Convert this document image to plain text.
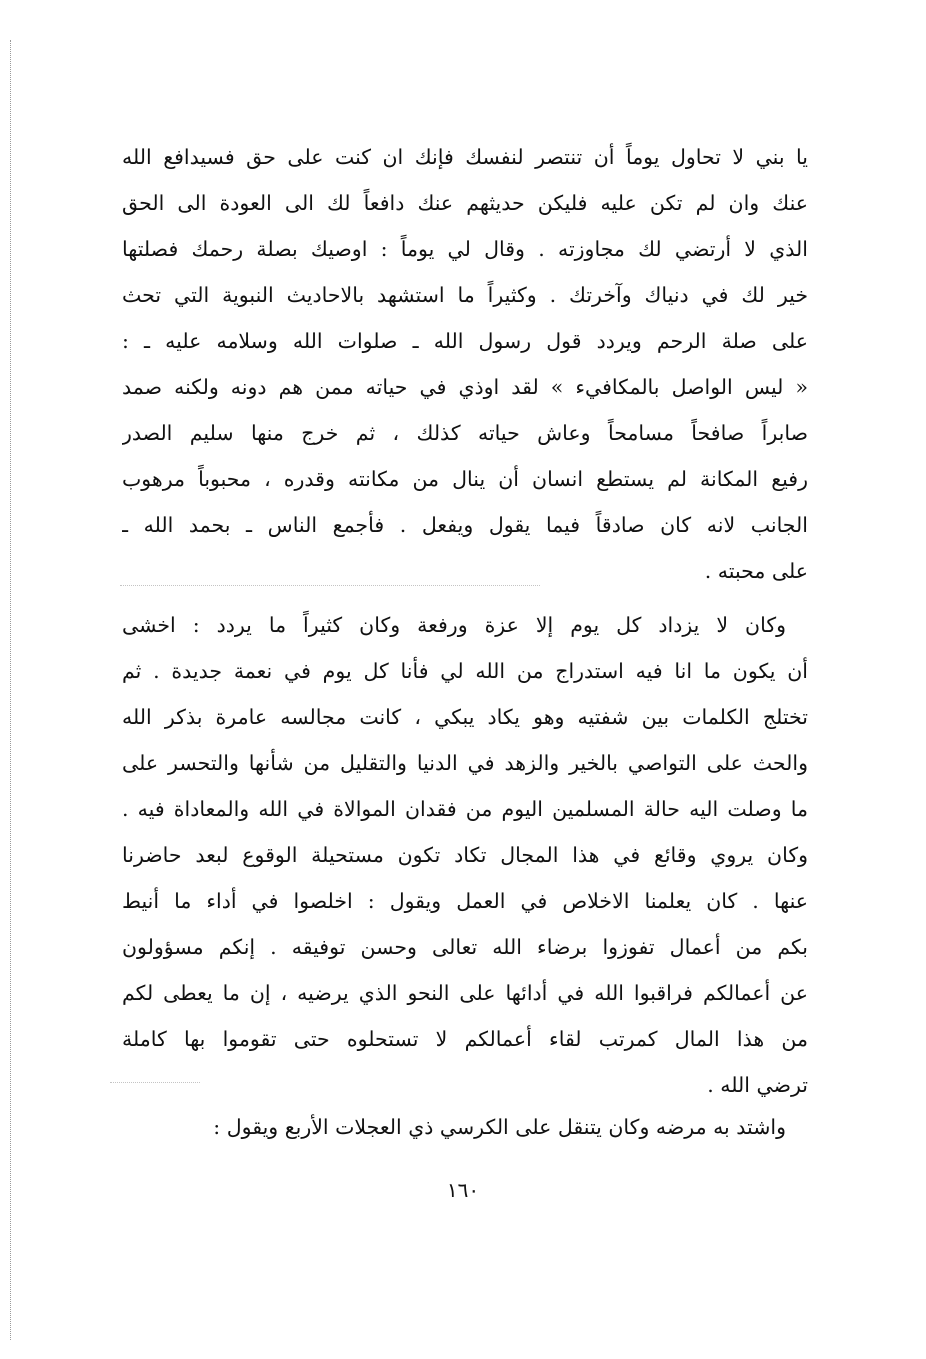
يا بني لا تحاول يوماً أن تنتصر لنفسك فإنك ان كنت على حق فسيدافع الله
عنك وان لم تكن عليه فليكن حديثهم عنك دافعاً لك الى العودة الى الحق
الذي لا أرتضي لك مجاوزته . وقال لي يوماً : اوصيك بصلة رحمك فصلتها
خير لك في دنياك وآخرتك . وكثيراً ما استشهد بالاحاديث النبوية التي تحث
على صلة الرحم ويردد قول رسول الله ـ صلوات الله وسلامه عليه ـ :
« ليس الواصل بالمكافيء » لقد اوذي في حياته ممن هم دونه ولكنه صمد
صابراً صافحاً مسامحاً وعاش حياته كذلك ، ثم خرج منها سليم الصدر
رفيع المكانة لم يستطع انسان أن ينال من مكانته وقدره ، محبوباً مرهوب
الجانب لانه كان صادقاً فيما يقول ويفعل . فأجمع الناس ـ بحمد الله ـ
على محبته .
وكان لا يزداد كل يوم إلا عزة ورفعة وكان كثيراً ما يردد : اخشى
أن يكون ما انا فيه استدراج من الله لي فأنا كل يوم في نعمة جديدة . ثم
تختلج الكلمات بين شفتيه وهو يكاد يبكي ، كانت مجالسه عامرة بذكر الله
والحث على التواصي بالخير والزهد في الدنيا والتقليل من شأنها والتحسر على
ما وصلت اليه حالة المسلمين اليوم من فقدان الموالاة في الله والمعاداة فيه .
وكان يروي وقائع في هذا المجال تكاد تكون مستحيلة الوقوع لبعد حاضرنا
عنها . كان يعلمنا الاخلاص في العمل ويقول : اخلصوا في أداء ما أنيط
بكم من أعمال تفوزوا برضاء الله تعالى وحسن توفيقه . إنكم مسؤولون
عن أعمالكم فراقبوا الله في أدائها على النحو الذي يرضيه ، إن ما يعطى لكم
من هذا المال كمرتب لقاء أعمالكم لا تستحلوه حتى تقوموا بها كاملة
ترضي الله .
واشتد به مرضه وكان يتنقل على الكرسي ذي العجلات الأربع ويقول :
١٦٠
